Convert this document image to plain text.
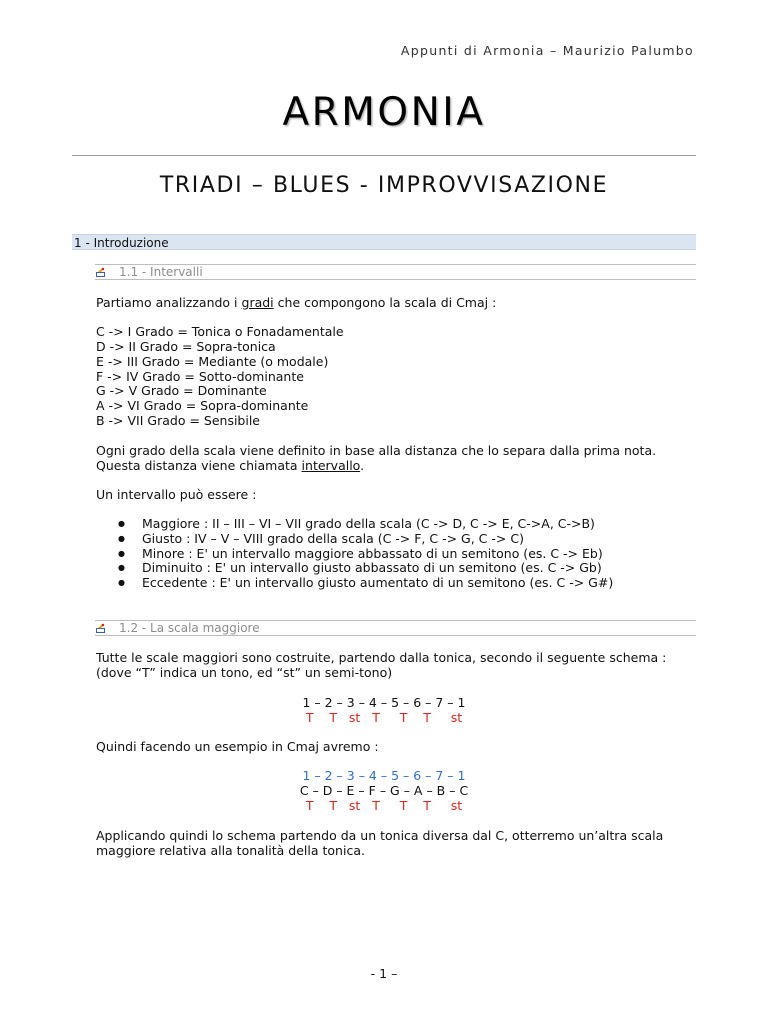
Appunti di Armonia – Maurizio Palumbo
ARMONIA
TRIADI – BLUES - IMPROVVISAZIONE
1 - Introduzione
1.1 - Intervalli
Partiamo analizzando i gradi che compongono la scala di Cmaj :
C -> I Grado = Tonica o Fonadamentale
D -> II Grado = Sopra-tonica
E -> III Grado = Mediante (o modale)
F -> IV Grado = Sotto-dominante
G -> V Grado = Dominante
A -> VI Grado = Sopra-dominante
B -> VII Grado = Sensibile
Ogni grado della scala viene definito in base alla distanza che lo separa dalla prima nota.
Questa distanza viene chiamata intervallo.
Un intervallo può essere :
● Maggiore : II – III – VI – VII grado della scala (C -> D, C -> E, C->A, C->B)
● Giusto : IV – V – VIII grado della scala (C -> F, C -> G, C -> C)
● Minore : E' un intervallo maggiore abbassato di un semitono (es. C -> Eb)
● Diminuito : E' un intervallo giusto abbassato di un semitono (es. C -> Gb)
● Eccedente : E' un intervallo giusto aumentato di un semitono (es. C -> G#)
1.2 - La scala maggiore
Tutte le scale maggiori sono costruite, partendo dalla tonica, secondo il seguente schema :
(dove “T” indica un tono, ed “st” un semi-tono)
1 – 2 – 3 – 4 – 5 – 6 – 7 – 1
T    T   st   T     T    T     st
Quindi facendo un esempio in Cmaj avremo :
1 – 2 – 3 – 4 – 5 – 6 – 7 – 1
C – D – E – F – G – A – B – C
T    T   st   T     T    T     st
Applicando quindi lo schema partendo da un tonica diversa dal C, otterremo un’altra scala
maggiore relativa alla tonalità della tonica.
- 1 –
